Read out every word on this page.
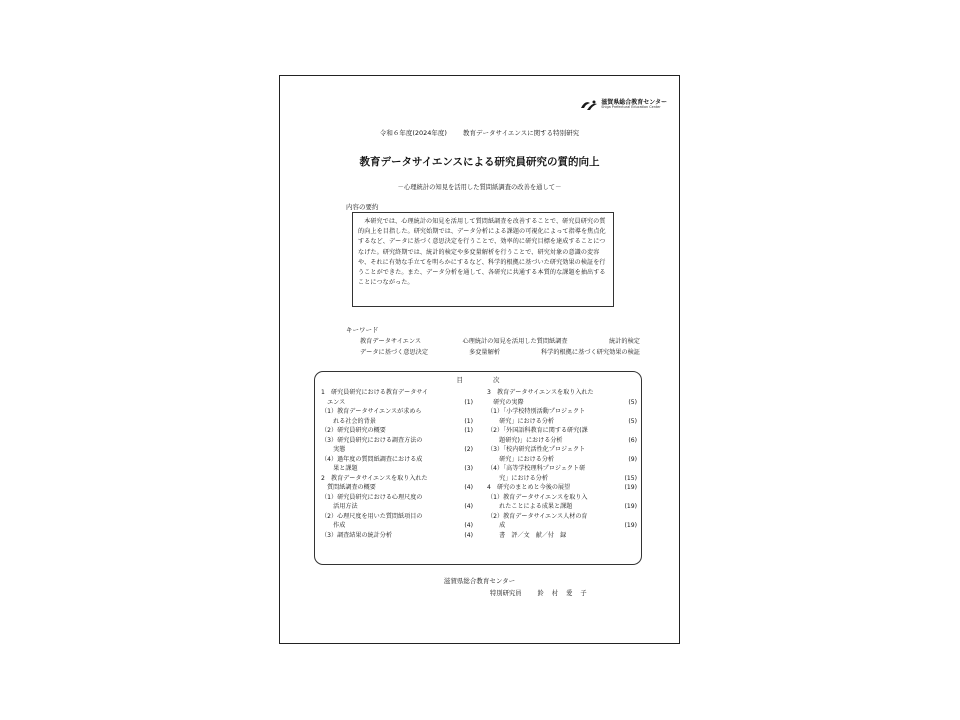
滋賀県総合教育センター
Shiga Prefectural Education Center
令和６年度(2024年度) 教育データサイエンスに関する特別研究
教育データサイエンスによる研究員研究の質的向上
－心理統計の知見を活用した質問紙調査の改善を通して－
内容の要約

本研究では、心理統計の知見を活用して質問紙調査を改善することで、研究員研究の質的向上を目指した。研究始期では、データ分析による課題の可視化によって指導を焦点化するなど、データに基づく意思決定を行うことで、効率的に研究目標を達成することにつなげた。研究終期では、統計的検定や多変量解析を行うことで、研究対象の意識の変容や、それに有効な手立てを明らかにするなど、科学的根拠に基づいた研究効果の検証を行うことができた。また、データ分析を通して、各研究に共通する本質的な課題を抽出することにつながった。

キーワード
教育データサイエンス	心理統計の知見を活用した質問紙調査	統計的検定
データに基づく意思決定	多変量解析	科学的根拠に基づく研究効果の検証
目次
1　研究員研究における教育データサイ
　エンス	(1)
（1）教育データサイエンスが求めら
　　れる社会的背景	(1)
（2）研究員研究の概要	(1)
（3）研究員研究における調査方法の
　　実態	(2)
（4）過年度の質問紙調査における成
　　果と課題	(3)
2　教育データサイエンスを取り入れた
　質問紙調査の概要	(4)
（1）研究員研究における心理尺度の
　　活用方法	(4)
（2）心理尺度を用いた質問紙項目の
　　作成	(4)
（3）調査結果の統計分析	(4)
3　教育データサイエンスを取り入れた
　研究の実際	(5)
（1）「小学校特別活動プロジェクト
　　研究」における分析	(5)
（2）「外国語科教育に関する研究(課
　　題研究)」における分析	(6)
（3）「校内研究活性化プロジェクト
　　研究」における分析	(9)
（4）「高等学校理科プロジェクト研
　　究」における分析	(15)
4　研究のまとめと今後の展望	(19)
（1）教育データサイエンスを取り入
　　れたことによる成果と課題	(19)
（2）教育データサイエンス人材の育
　　成	(19)
　　書　評／文　献／付　録
滋賀県総合教育センター
特別研究員	鈴 村 愛 子
